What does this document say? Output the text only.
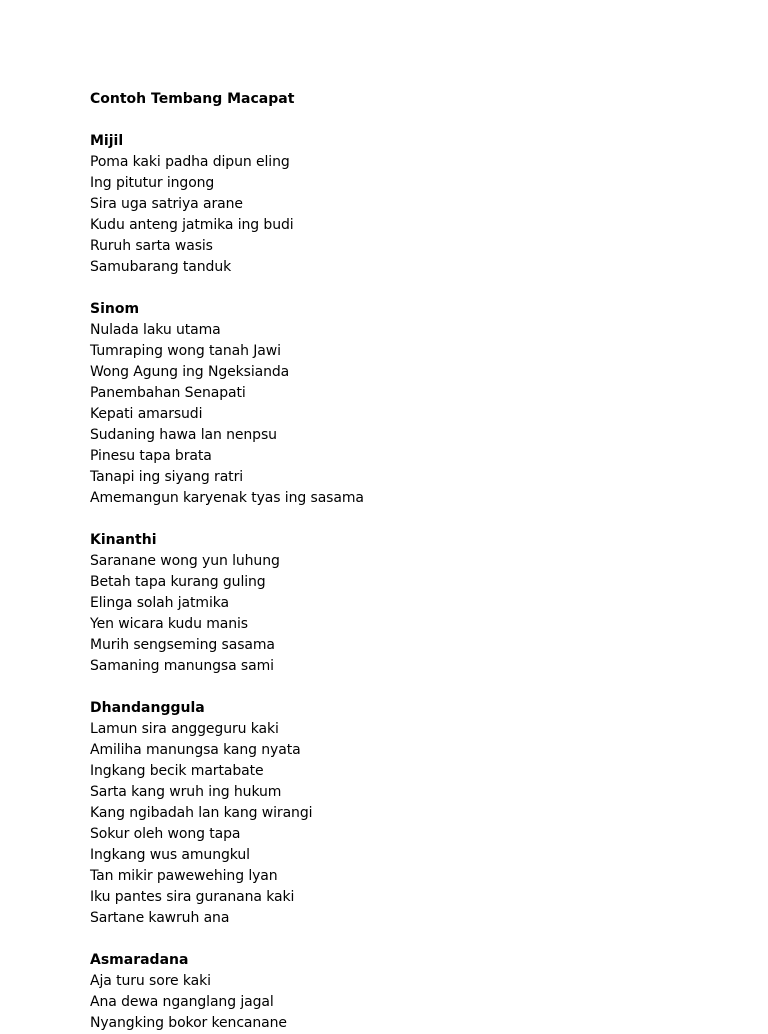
Contoh Tembang Macapat
Mijil
Poma kaki padha dipun eling
Ing pitutur ingong
Sira uga satriya arane
Kudu anteng jatmika ing budi
Ruruh sarta wasis
Samubarang tanduk
Sinom
Nulada laku utama
Tumraping wong tanah Jawi
Wong Agung ing Ngeksianda
Panembahan Senapati
Kepati amarsudi
Sudaning hawa lan nenpsu
Pinesu tapa brata
Tanapi ing siyang ratri
Amemangun karyenak tyas ing sasama
Kinanthi
Saranane wong yun luhung
Betah tapa kurang guling
Elinga solah jatmika
Yen wicara kudu manis
Murih sengseming sasama
Samaning manungsa sami
Dhandanggula
Lamun sira anggeguru kaki
Amiliha manungsa kang nyata
Ingkang becik martabate
Sarta kang wruh ing hukum
Kang ngibadah lan kang wirangi
Sokur oleh wong tapa
Ingkang wus amungkul
Tan mikir pawewehing lyan
Iku pantes sira guranana kaki
Sartane kawruh ana
Asmaradana
Aja turu sore kaki
Ana dewa nganglang jagal
Nyangking bokor kencanane
